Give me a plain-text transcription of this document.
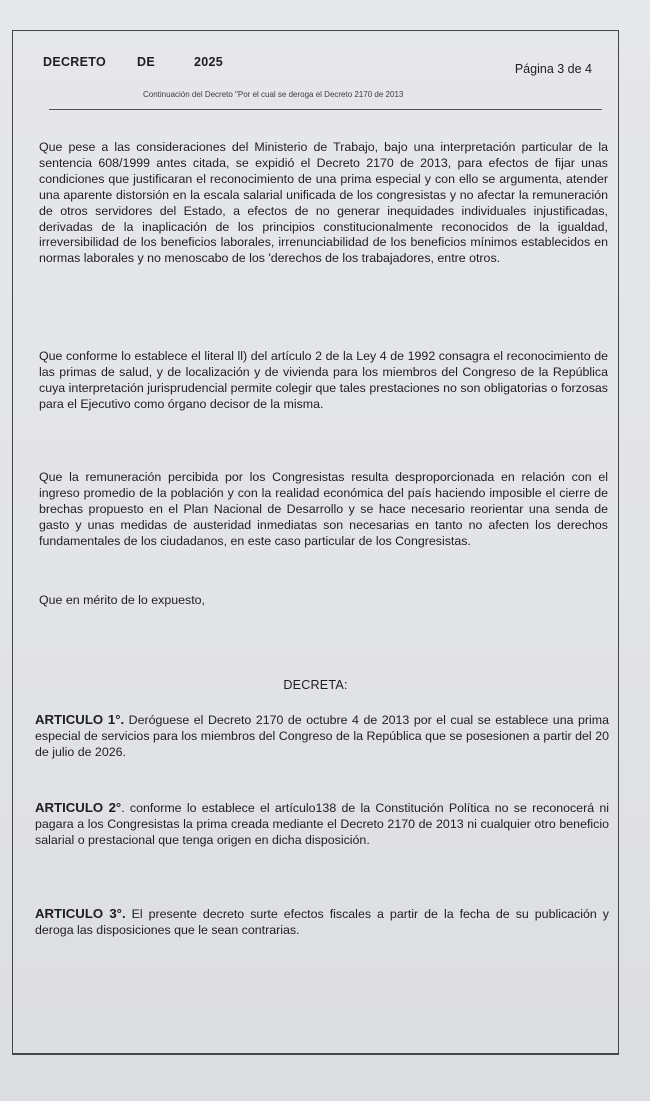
DECRETO DE	2025	Página 3 de 4
Continuación del Decreto "Por el cual se deroga el Decreto 2170 de 2013

Que pese a las consideraciones del Ministerio de Trabajo, bajo una interpretación particular de la sentencia 608/1999 antes citada, se expidió el Decreto 2170 de 2013, para efectos de fijar unas condiciones que justificaran el reconocimiento de una prima especial y con ello se argumenta, atender una aparente distorsión en la escala salarial unificada de los congresistas y no afectar la remuneración de otros servidores del Estado, a efectos de no generar inequidades individuales injustificadas, derivadas de la inaplicación de los principios constitucionalmente reconocidos de la igualdad, irreversibilidad de los beneficios laborales, irrenunciabilidad de los beneficios mínimos establecidos en normas laborales y no menoscabo de los 'derechos de los trabajadores, entre otros.

Que conforme lo establece el literal ll) del artículo 2 de la Ley 4 de 1992 consagra el reconocimiento de las primas de salud, y de localización y de vivienda para los miembros del Congreso de la República cuya interpretación jurisprudencial permite colegir que tales prestaciones no son obligatorias o forzosas para el Ejecutivo como órgano decisor de la misma.

Que la remuneración percibida por los Congresistas resulta desproporcionada en relación con el ingreso promedio de la población y con la realidad económica del país haciendo imposible el cierre de brechas propuesto en el Plan Nacional de Desarrollo y se hace necesario reorientar una senda de gasto y unas medidas de austeridad inmediatas son necesarias en tanto no afecten los derechos fundamentales de los ciudadanos, en este caso particular de los Congresistas.

Que en mérito de lo expuesto,

DECRETA:

ARTICULO 1°. Deróguese el Decreto 2170 de octubre 4 de 2013 por el cual se establece una prima especial de servicios para los miembros del Congreso de la República que se posesionen a partir del 20 de julio de 2026.

ARTICULO 2°. conforme lo establece el artículo138 de la Constitución Política no se reconocerá ni pagara a los Congresistas la prima creada mediante el Decreto 2170 de 2013 ni cualquier otro beneficio salarial o prestacional que tenga origen en dicha disposición.

ARTICULO 3°. El presente decreto surte efectos fiscales a partir de la fecha de su publicación y deroga las disposiciones que le sean contrarias.
